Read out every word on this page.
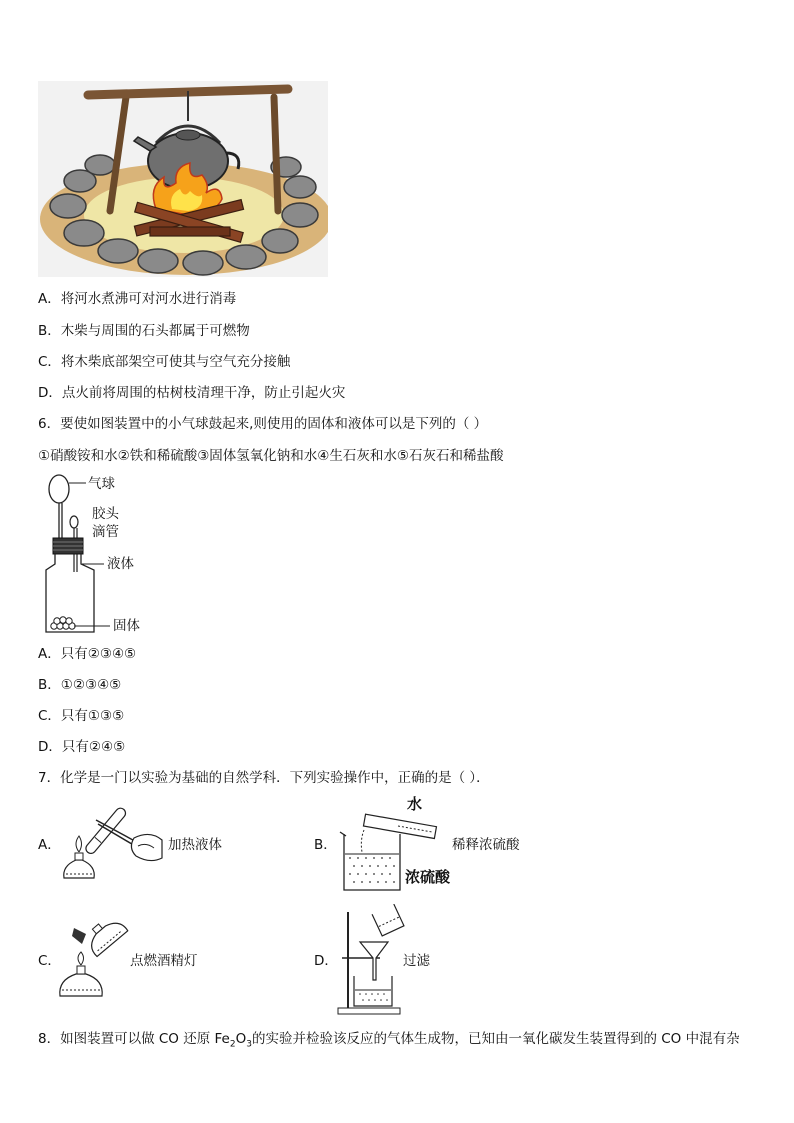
A．将河水煮沸可对河水进行消毒
B．木柴与周围的石头都属于可燃物
C．将木柴底部架空可使其与空气充分接触
D．点火前将周围的枯树枝清理干净，防止引起火灾
6．要使如图装置中的小气球鼓起来,则使用的固体和液体可以是下列的（ ）
①硝酸铵和水②铁和稀硫酸③固体氢氧化钠和水④生石灰和水⑤石灰石和稀盐酸
气球
胶头
滴管
液体
固体
A．只有②③④⑤
B．①②③④⑤
C．只有①③⑤
D．只有②④⑤
7．化学是一门以实验为基础的自然学科．下列实验操作中，正确的是（ ）．
A．	加热液体	B．
水
稀释浓硫酸
浓硫酸
C．	点燃酒精灯	D．	过滤
8．如图装置可以做 CO 还原 $Fe_2O_3$的实验并检验该反应的气体生成物，已知由一氧化碳发生装置得到的 CO 中混有杂
